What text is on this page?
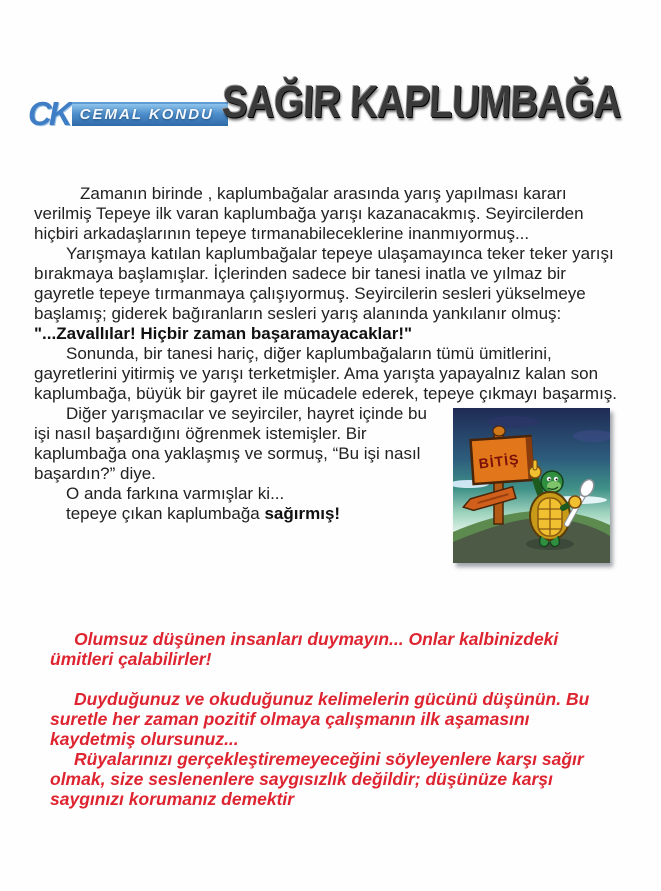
CK CEMAL KONDU SAĞIR KAPLUMBAĞA

Zamanın birinde , kaplumbağalar arasında yarış yapılması kararı verilmiş Tepeye ilk varan kaplumbağa yarışı kazanacakmış. Seyircilerden hiçbiri arkadaşlarının tepeye tırmanabileceklerine inanmıyormuş...

Yarışmaya katılan kaplumbağalar tepeye ulaşamayınca teker teker yarışı bırakmaya başlamışlar. İçlerinden sadece bir tanesi inatla ve yılmaz bir gayretle tepeye tırmanmaya çalışıyormuş. Seyircilerin sesleri yükselmeye başlamış; giderek bağıranların sesleri yarış alanında yankılanır olmuş: "...Zavallılar! Hiçbir zaman başaramayacaklar!"

Sonunda, bir tanesi hariç, diğer kaplumbağaların tümü ümitlerini, gayretlerini yitirmiş ve yarışı terketmişler. Ama yarışta yapayalnız kalan son kaplumbağa, büyük bir gayret ile mücadele ederek, tepeye çıkmayı başarmış.

BİTİŞ

Diğer yarışmacılar ve seyirciler, hayret içinde bu işi nasıl başardığını öğrenmek istemişler. Bir kaplumbağa ona yaklaşmış ve sormuş, “Bu işi nasıl başardın?” diye.

O anda farkına varmışlar ki...

tepeye çıkan kaplumbağa sağırmış!

Olumsuz düşünen insanları duymayın... Onlar kalbinizdeki ümitleri çalabilirler!

Duyduğunuz ve okuduğunuz kelimelerin gücünü düşünün. Bu suretle her zaman pozitif olmaya çalışmanın ilk aşamasını kaydetmiş olursunuz...

Rüyalarınızı gerçekleştiremeyeceğini söyleyenlere karşı sağır olmak, size seslenenlere saygısızlık değildir; düşünüze karşı saygınızı korumanız demektir
